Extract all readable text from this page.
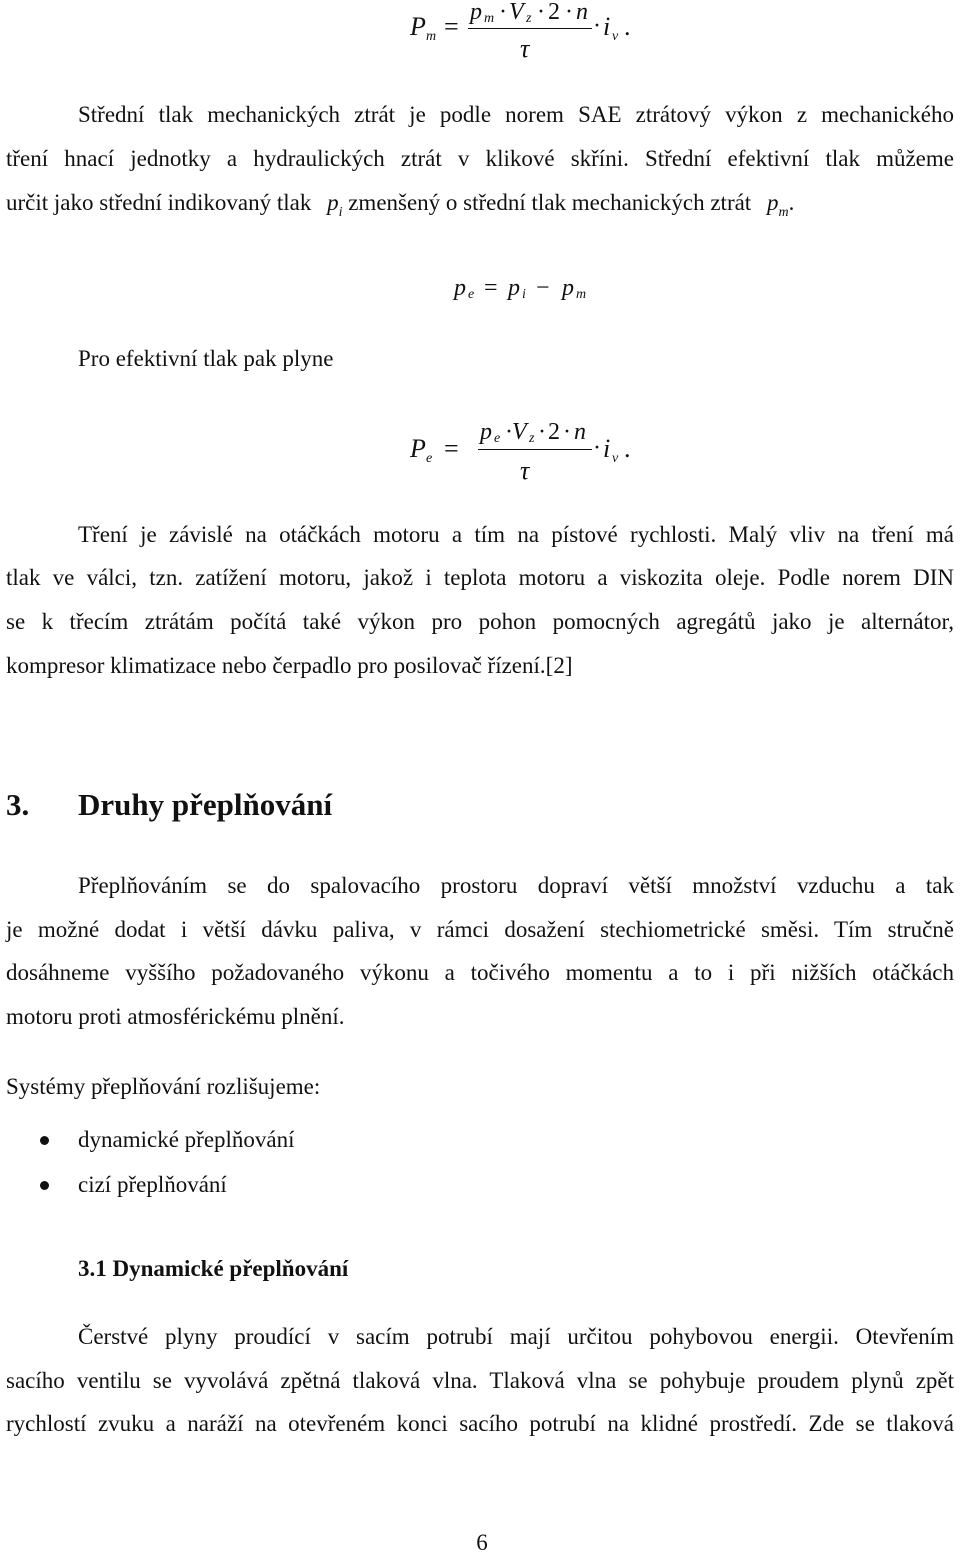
P m = p m · V z · 2 · n
τ
· i v .
Střední tlak mechanických ztrát je podle norem SAE ztrátový výkon z mechanického
tření hnací jednotky a hydraulických ztrát v klikové skříni. Střední efektivní tlak můžeme
určit jako střední indikovaný tlak $p_i$ zmenšený o střední tlak mechanických ztrát $p_m$.
p e = p i − p m
Pro efektivní tlak pak plyne
P e =
p e · V z · 2 · n
τ
· i v .
Tření je závislé na otáčkách motoru a tím na pístové rychlosti. Malý vliv na tření má
tlak ve válci, tzn. zatížení motoru, jakož i teplota motoru a viskozita oleje. Podle norem DIN
se k třecím ztrátám počítá také výkon pro pohon pomocných agregátů jako je alternátor,
kompresor klimatizace nebo čerpadlo pro posilovač řízení.[2]
3. Druhy přeplňování
Přeplňováním se do spalovacího prostoru dopraví větší množství vzduchu a tak
je možné dodat i větší dávku paliva, v rámci dosažení stechiometrické směsi. Tím stručně
dosáhneme vyššího požadovaného výkonu a točivého momentu a to i při nižších otáčkách
motoru proti atmosférickému plnění.
Systémy přeplňování rozlišujeme:
dynamické přeplňování
cizí přeplňování
3.1 Dynamické přeplňování
Čerstvé plyny proudící v sacím potrubí mají určitou pohybovou energii. Otevřením
sacího ventilu se vyvolává zpětná tlaková vlna. Tlaková vlna se pohybuje proudem plynů zpět
rychlostí zvuku a naráží na otevřeném konci sacího potrubí na klidné prostředí. Zde se tlaková
6
